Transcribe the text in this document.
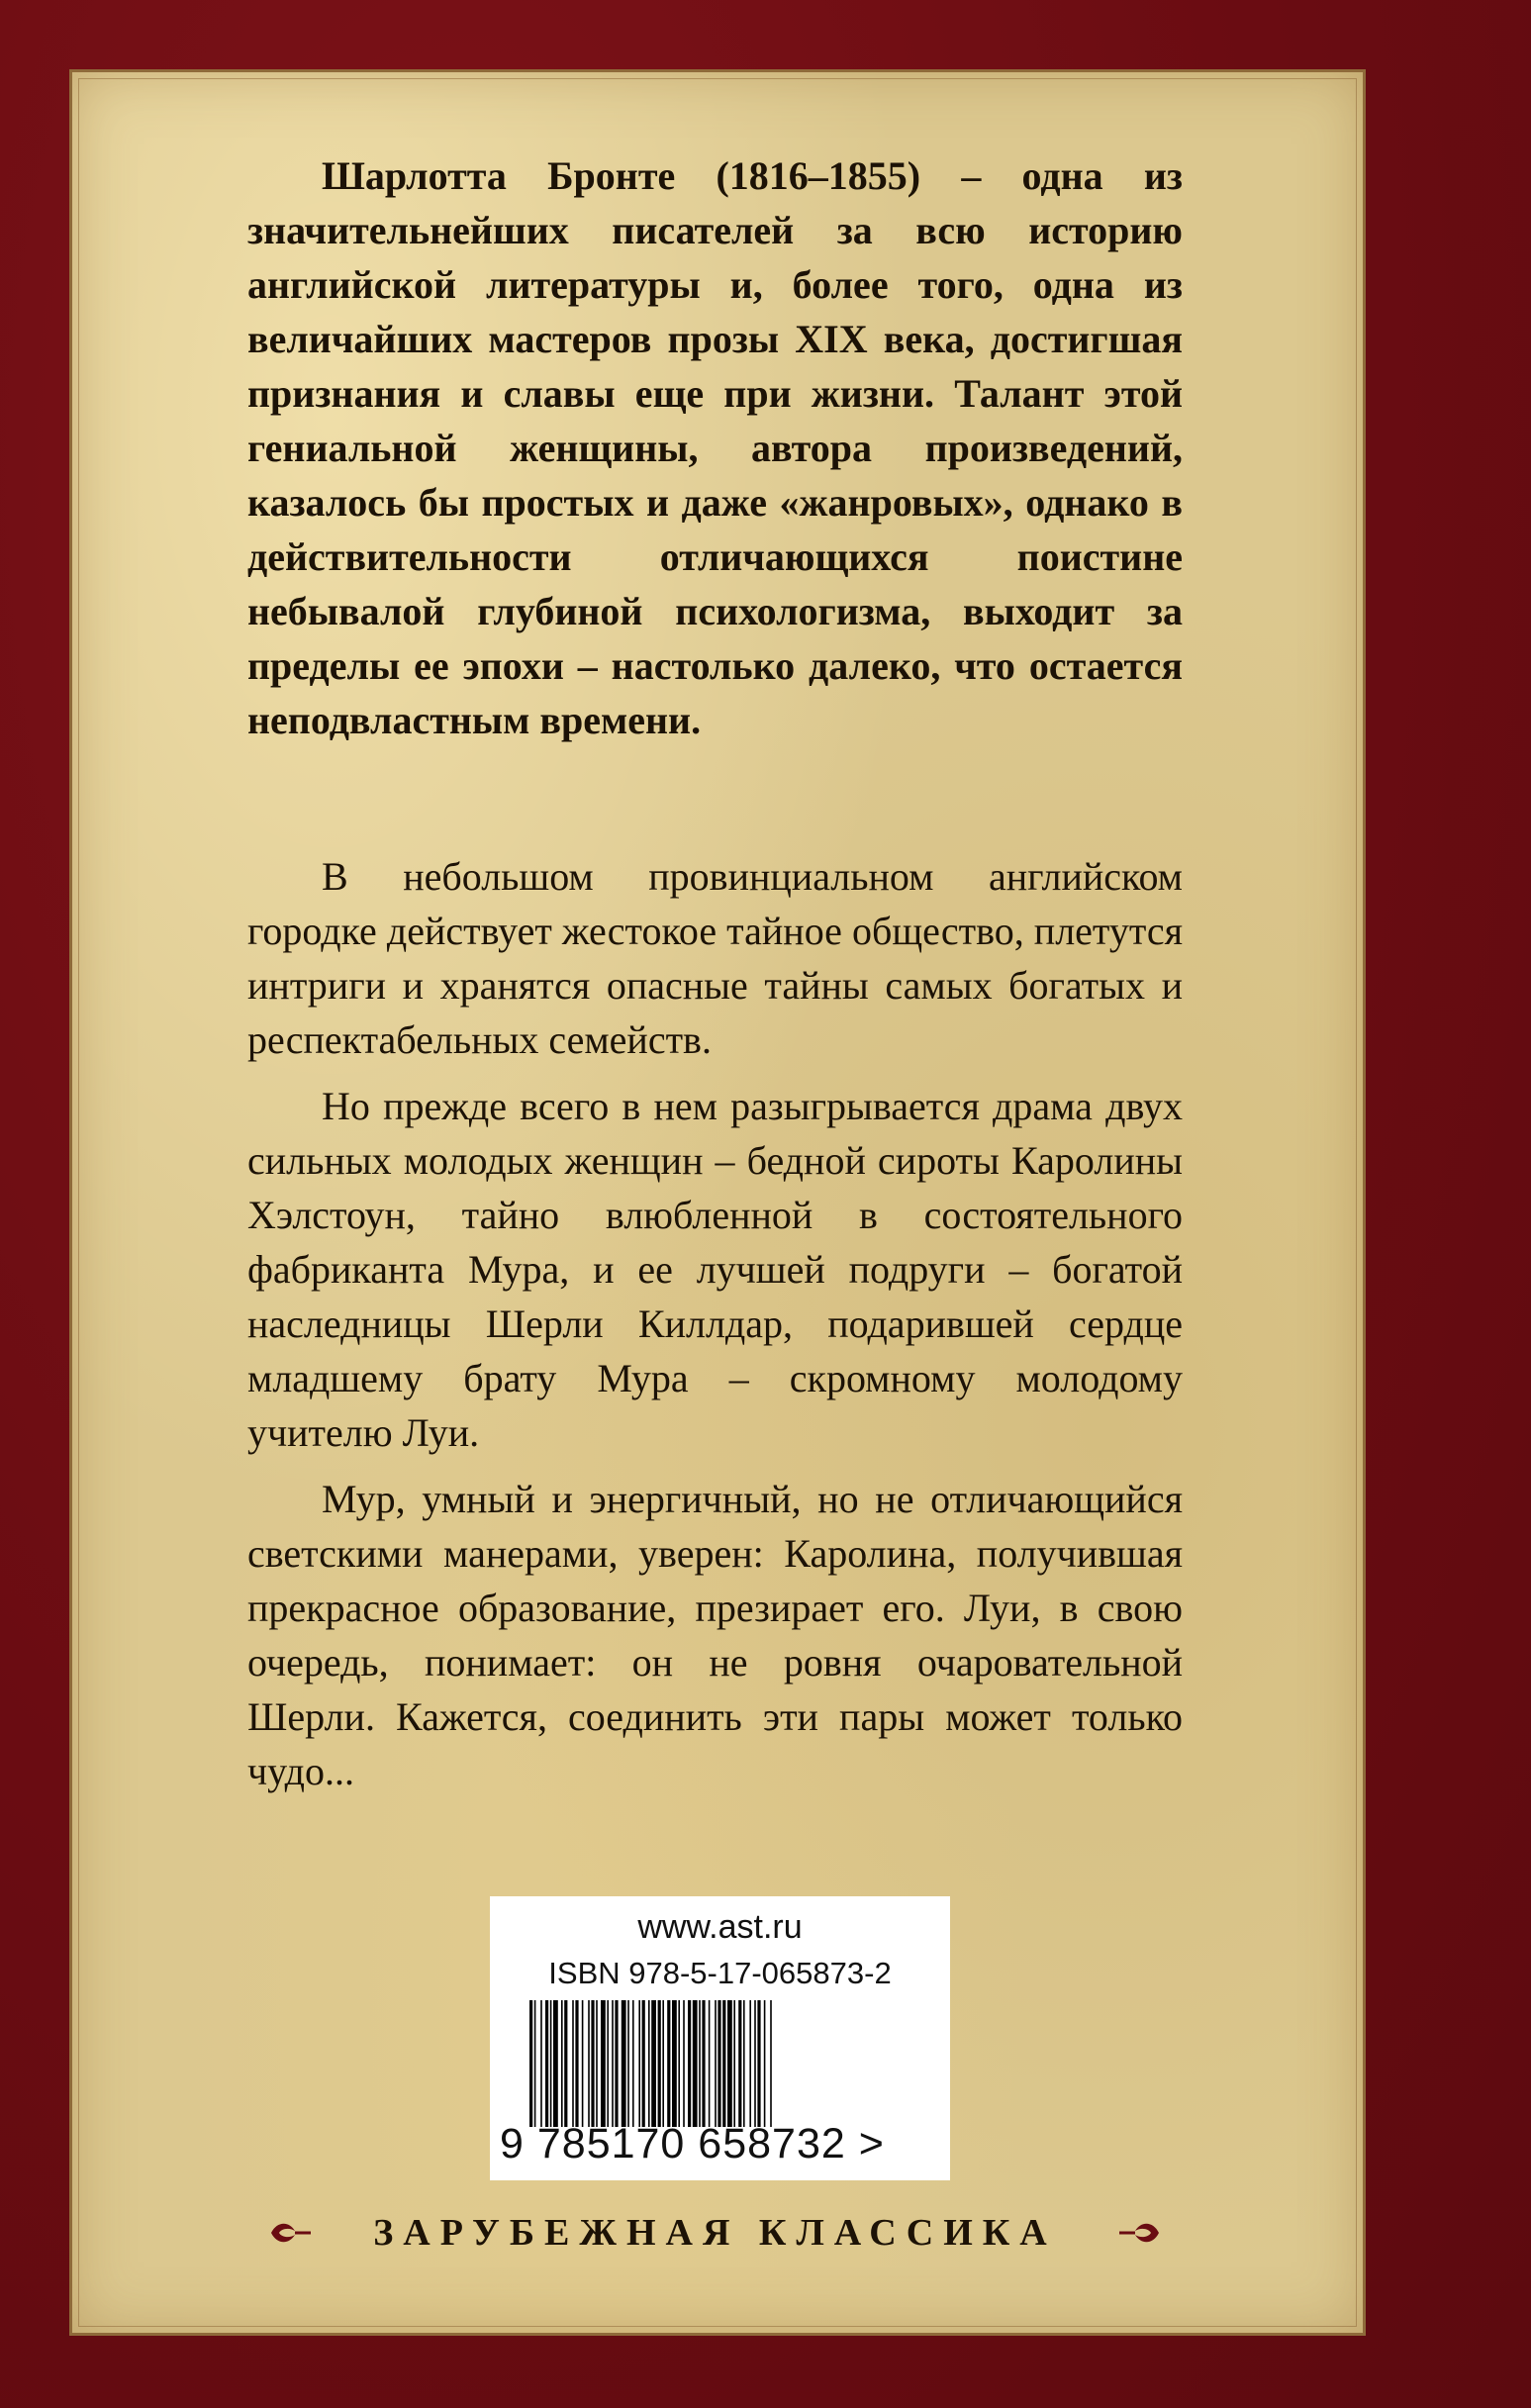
Шарлотта Бронте (1816–1855) – одна из значительнейших писателей за всю историю английской литературы и, более того, одна из величайших мастеров прозы XIX века, достигшая признания и славы еще при жизни. Талант этой гениальной женщины, автора произведений, казалось бы простых и даже «жанровых», однако в действительности отличающихся поистине небывалой глубиной психологизма, выходит за пределы ее эпохи – настолько далеко, что остается неподвластным времени.

В небольшом провинциальном английском городке действует жестокое тайное общество, плетутся интриги и хранятся опасные тайны самых богатых и респектабельных семейств.

Но прежде всего в нем разыгрывается драма двух сильных молодых женщин – бедной сироты Каролины Хэлстоун, тайно влюбленной в состоятельного фабриканта Мура, и ее лучшей подруги – богатой наследницы Шерли Киллдар, подарившей сердце младшему брату Мура – скромному молодому учителю Луи.

Мур, умный и энергичный, но не отличающийся светскими манерами, уверен: Каролина, получившая прекрасное образование, презирает его. Луи, в свою очередь, понимает: он не ровня очаровательной Шерли. Кажется, соединить эти пары может только чудо...

www.ast.ru
ISBN 978-5-17-065873-2
9 785170 658732 >
ЗАРУБЕЖНАЯ КЛАССИКА
